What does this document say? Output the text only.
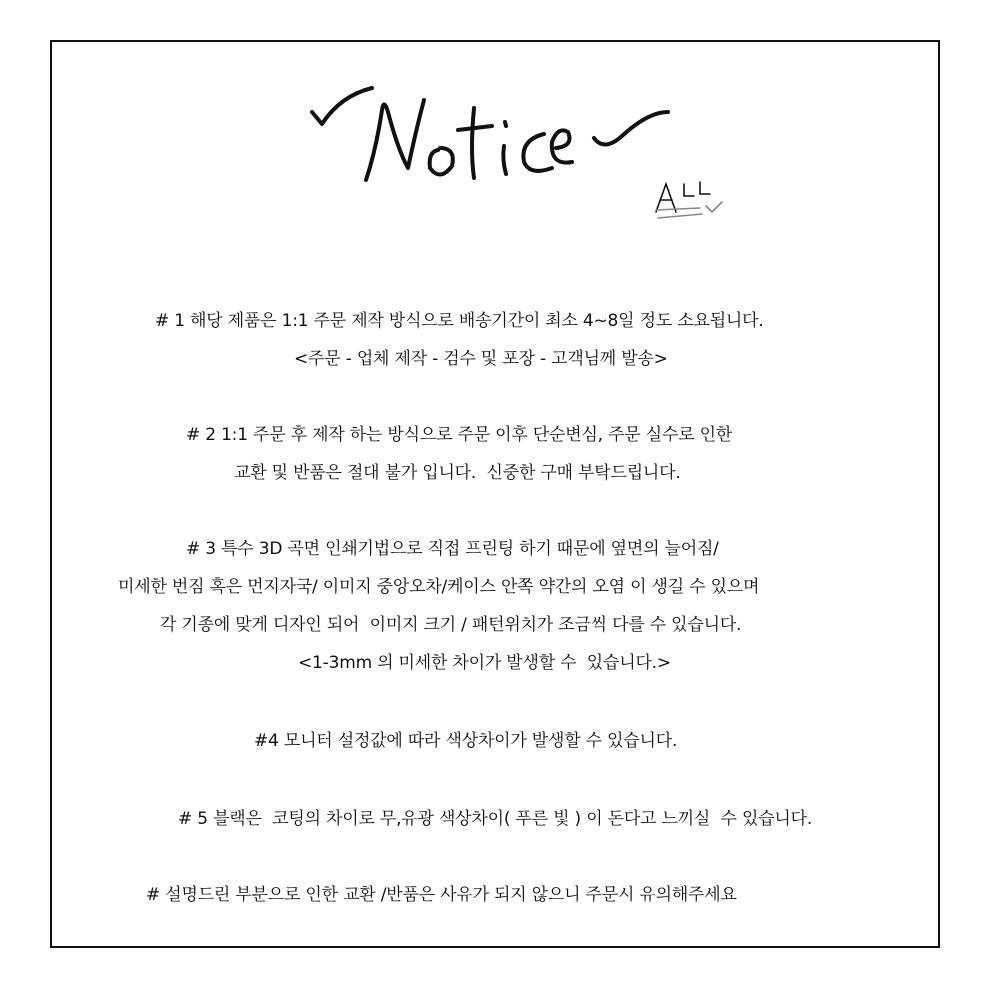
# 1 해당 제품은 1:1 주문 제작 방식으로 배송기간이 최소 4~8일 정도 소요됩니다.

<주문 - 업체 제작 - 검수 및 포장 - 고객님께 발송>

# 2 1:1 주문 후 제작 하는 방식으로 주문 이후 단순변심, 주문 실수로 인한

교환 및 반품은 절대 불가 입니다.  신중한 구매 부탁드립니다.

# 3 특수 3D 곡면 인쇄기법으로 직접 프린팅 하기 때문에 옆면의 늘어짐/

미세한 번짐 혹은 먼지자국/ 이미지 중앙오차/케이스 안쪽 약간의 오염 이 생길 수 있으며

각 기종에 맞게 디자인 되어  이미지 크기 / 패턴위치가 조금씩 다를 수 있습니다.

<1-3mm 의 미세한 차이가 발생할 수  있습니다.>

#4 모니터 설정값에 따라 색상차이가 발생할 수 있습니다.

# 5 블랙은  코팅의 차이로 무,유광 색상차이( 푸른 빛 ) 이 돈다고 느끼실  수 있습니다.

# 설명드린 부분으로 인한 교환 /반품은 사유가 되지 않으니 주문시 유의해주세요
